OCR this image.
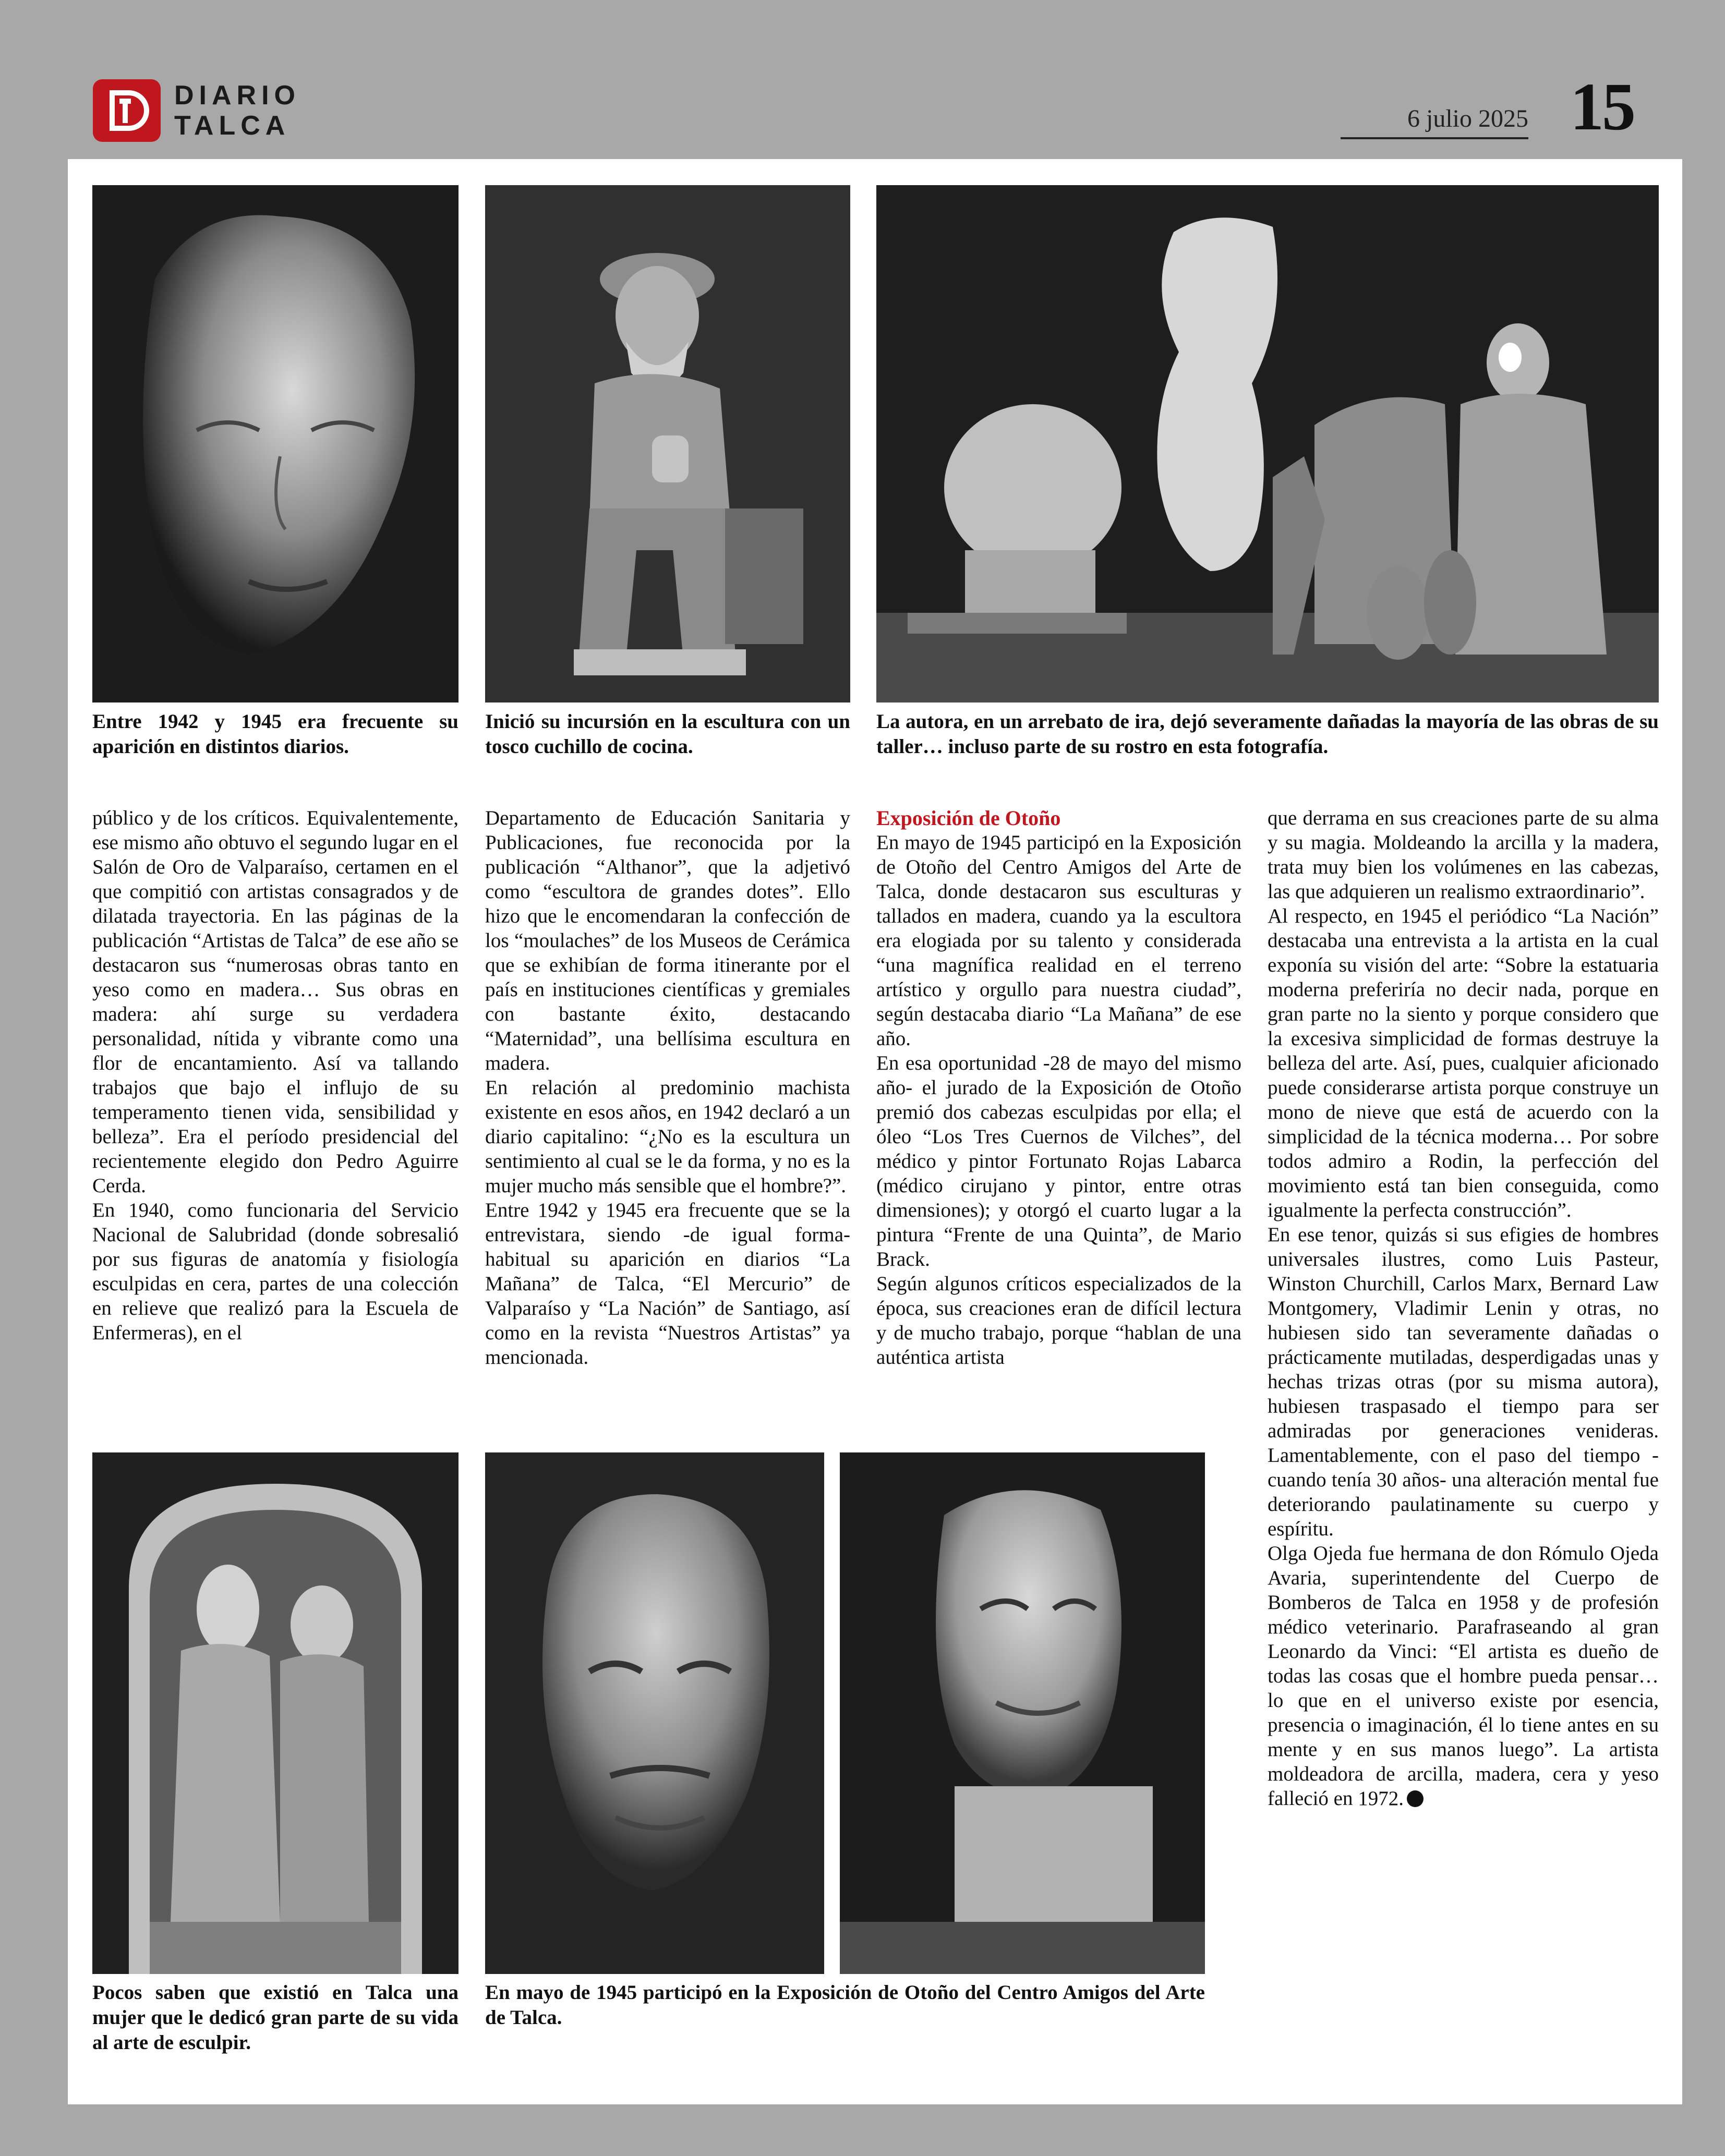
DIARIO
TALCA	6 julio 2025 15
Entre 1942 y 1945 era frecuente su aparición en distintos diarios.
Inició su incursión en la escultura con un tosco cuchillo de cocina.
La autora, en un arrebato de ira, dejó severamente dañadas la mayoría de las obras de su taller… incluso parte de su rostro en esta fotografía.

público y de los críticos. Equivalentemente, ese mismo año obtuvo el segundo lugar en el Salón de Oro de Valparaíso, certamen en el que compitió con artistas consagrados y de dilatada trayectoria. En las páginas de la publicación “Artistas de Talca” de ese año se destacaron sus “numerosas obras tanto en yeso como en madera… Sus obras en madera: ahí surge su verdadera personalidad, nítida y vibrante como una flor de encantamiento. Así va tallando trabajos que bajo el influjo de su temperamento tienen vida, sensibilidad y belleza”. Era el período presidencial del recientemente elegido don Pedro Aguirre Cerda.

En 1940, como funcionaria del Servicio Nacional de Salubridad (donde sobresalió por sus figuras de anatomía y fisiología esculpidas en cera, partes de una colección en relieve que realizó para la Escuela de Enfermeras), en el

Departamento de Educación Sanitaria y Publicaciones, fue reconocida por la publicación “Althanor”, que la adjetivó como “escultora de grandes dotes”. Ello hizo que le encomendaran la confección de los “moulaches” de los Museos de Cerámica que se exhibían de forma itinerante por el país en instituciones científicas y gremiales con bastante éxito, destacando “Maternidad”, una bellísima escultura en madera.

En relación al predominio machista existente en esos años, en 1942 declaró a un diario capitalino: “¿No es la escultura un sentimiento al cual se le da forma, y no es la mujer mucho más sensible que el hombre?”.

Entre 1942 y 1945 era frecuente que se la entrevistara, siendo -de igual forma- habitual su aparición en diarios “La Mañana” de Talca, “El Mercurio” de Valparaíso y “La Nación” de Santiago, así como en la revista “Nuestros Artistas” ya mencionada.

Exposición de Otoño

En mayo de 1945 participó en la Exposición de Otoño del Centro Amigos del Arte de Talca, donde destacaron sus esculturas y tallados en madera, cuando ya la escultora era elogiada por su talento y considerada “una magnífica realidad en el terreno artístico y orgullo para nuestra ciudad”, según destacaba diario “La Mañana” de ese año.

En esa oportunidad -28 de mayo del mismo año- el jurado de la Exposición de Otoño premió dos cabezas esculpidas por ella; el óleo “Los Tres Cuernos de Vilches”, del médico y pintor Fortunato Rojas Labarca (médico cirujano y pintor, entre otras dimensiones); y otorgó el cuarto lugar a la pintura “Frente de una Quinta”, de Mario Brack.

Según algunos críticos especializados de la época, sus creaciones eran de difícil lectura y de mucho trabajo, porque “hablan de una auténtica artista

que derrama en sus creaciones parte de su alma y su magia. Moldeando la arcilla y la madera, trata muy bien los volúmenes en las cabezas, las que adquieren un realismo extraordinario”.

Al respecto, en 1945 el periódico “La Nación” destacaba una entrevista a la artista en la cual exponía su visión del arte: “Sobre la estatuaria moderna preferiría no decir nada, porque en gran parte no la siento y porque considero que la excesiva simplicidad de formas destruye la belleza del arte. Así, pues, cualquier aficionado puede considerarse artista porque construye un mono de nieve que está de acuerdo con la simplicidad de la técnica moderna… Por sobre todos admiro a Rodin, la perfección del movimiento está tan bien conseguida, como igualmente la perfecta construcción”.

En ese tenor, quizás si sus efigies de hombres universales ilustres, como Luis Pasteur, Winston Churchill, Carlos Marx, Bernard Law Montgomery, Vladimir Lenin y otras, no hubiesen sido tan severamente dañadas o prácticamente mutiladas, desperdigadas unas y hechas trizas otras (por su misma autora), hubiesen traspasado el tiempo para ser admiradas por generaciones venideras. Lamentablemente, con el paso del tiempo -cuando tenía 30 años- una alteración mental fue deteriorando paulatinamente su cuerpo y espíritu.

Olga Ojeda fue hermana de don Rómulo Ojeda Avaria, superintendente del Cuerpo de Bomberos de Talca en 1958 y de profesión médico veterinario. Parafraseando al gran Leonardo da Vinci: “El artista es dueño de todas las cosas que el hombre pueda pensar… lo que en el universo existe por esencia, presencia o imaginación, él lo tiene antes en su mente y en sus manos luego”. La artista moldeadora de arcilla, madera, cera y yeso falleció en 1972.

Pocos saben que existió en Talca una mujer que le dedicó gran parte de su vida al arte de esculpir.
En mayo de 1945 participó en la Exposición de Otoño del Centro Amigos del Arte de Talca.
